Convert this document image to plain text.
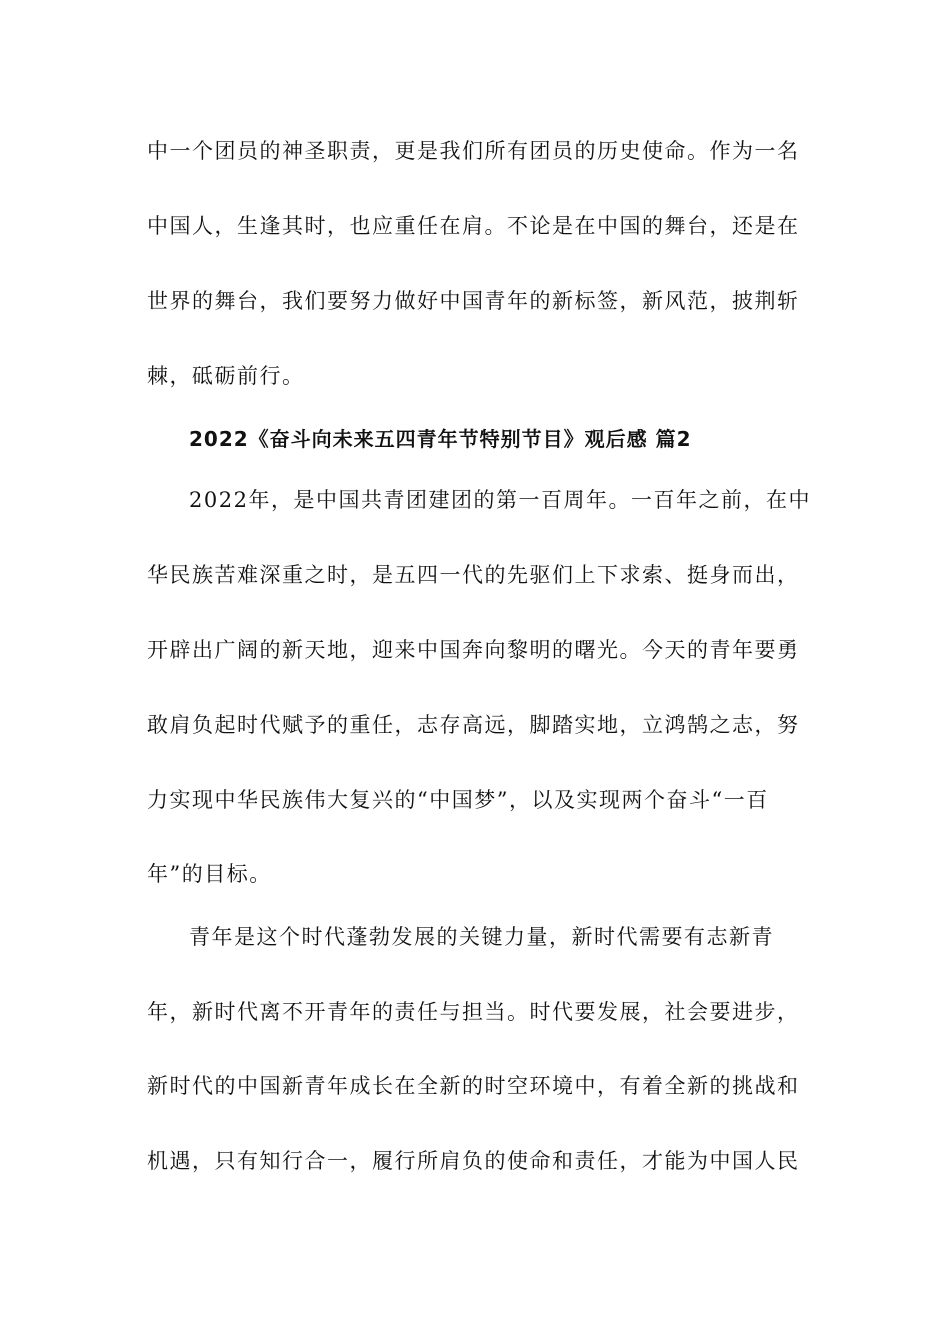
中一个团员的神圣职责，更是我们所有团员的历史使命。作为一名
中国人，生逢其时，也应重任在肩。不论是在中国的舞台，还是在
世界的舞台，我们要努力做好中国青年的新标签，新风范，披荆斩
棘，砥砺前行。
2022《奋斗向未来五四青年节特别节目》观后感 篇2
2022年，是中国共青团建团的第一百周年。一百年之前，在中
华民族苦难深重之时，是五四一代的先驱们上下求索、挺身而出，
开辟出广阔的新天地，迎来中国奔向黎明的曙光。今天的青年要勇
敢肩负起时代赋予的重任，志存高远，脚踏实地，立鸿鹄之志，努
力实现中华民族伟大复兴的“中国梦”，以及实现两个奋斗“一百
年”的目标。
青年是这个时代蓬勃发展的关键力量，新时代需要有志新青
年，新时代离不开青年的责任与担当。时代要发展，社会要进步，
新时代的中国新青年成长在全新的时空环境中，有着全新的挑战和
机遇，只有知行合一，履行所肩负的使命和责任，才能为中国人民
